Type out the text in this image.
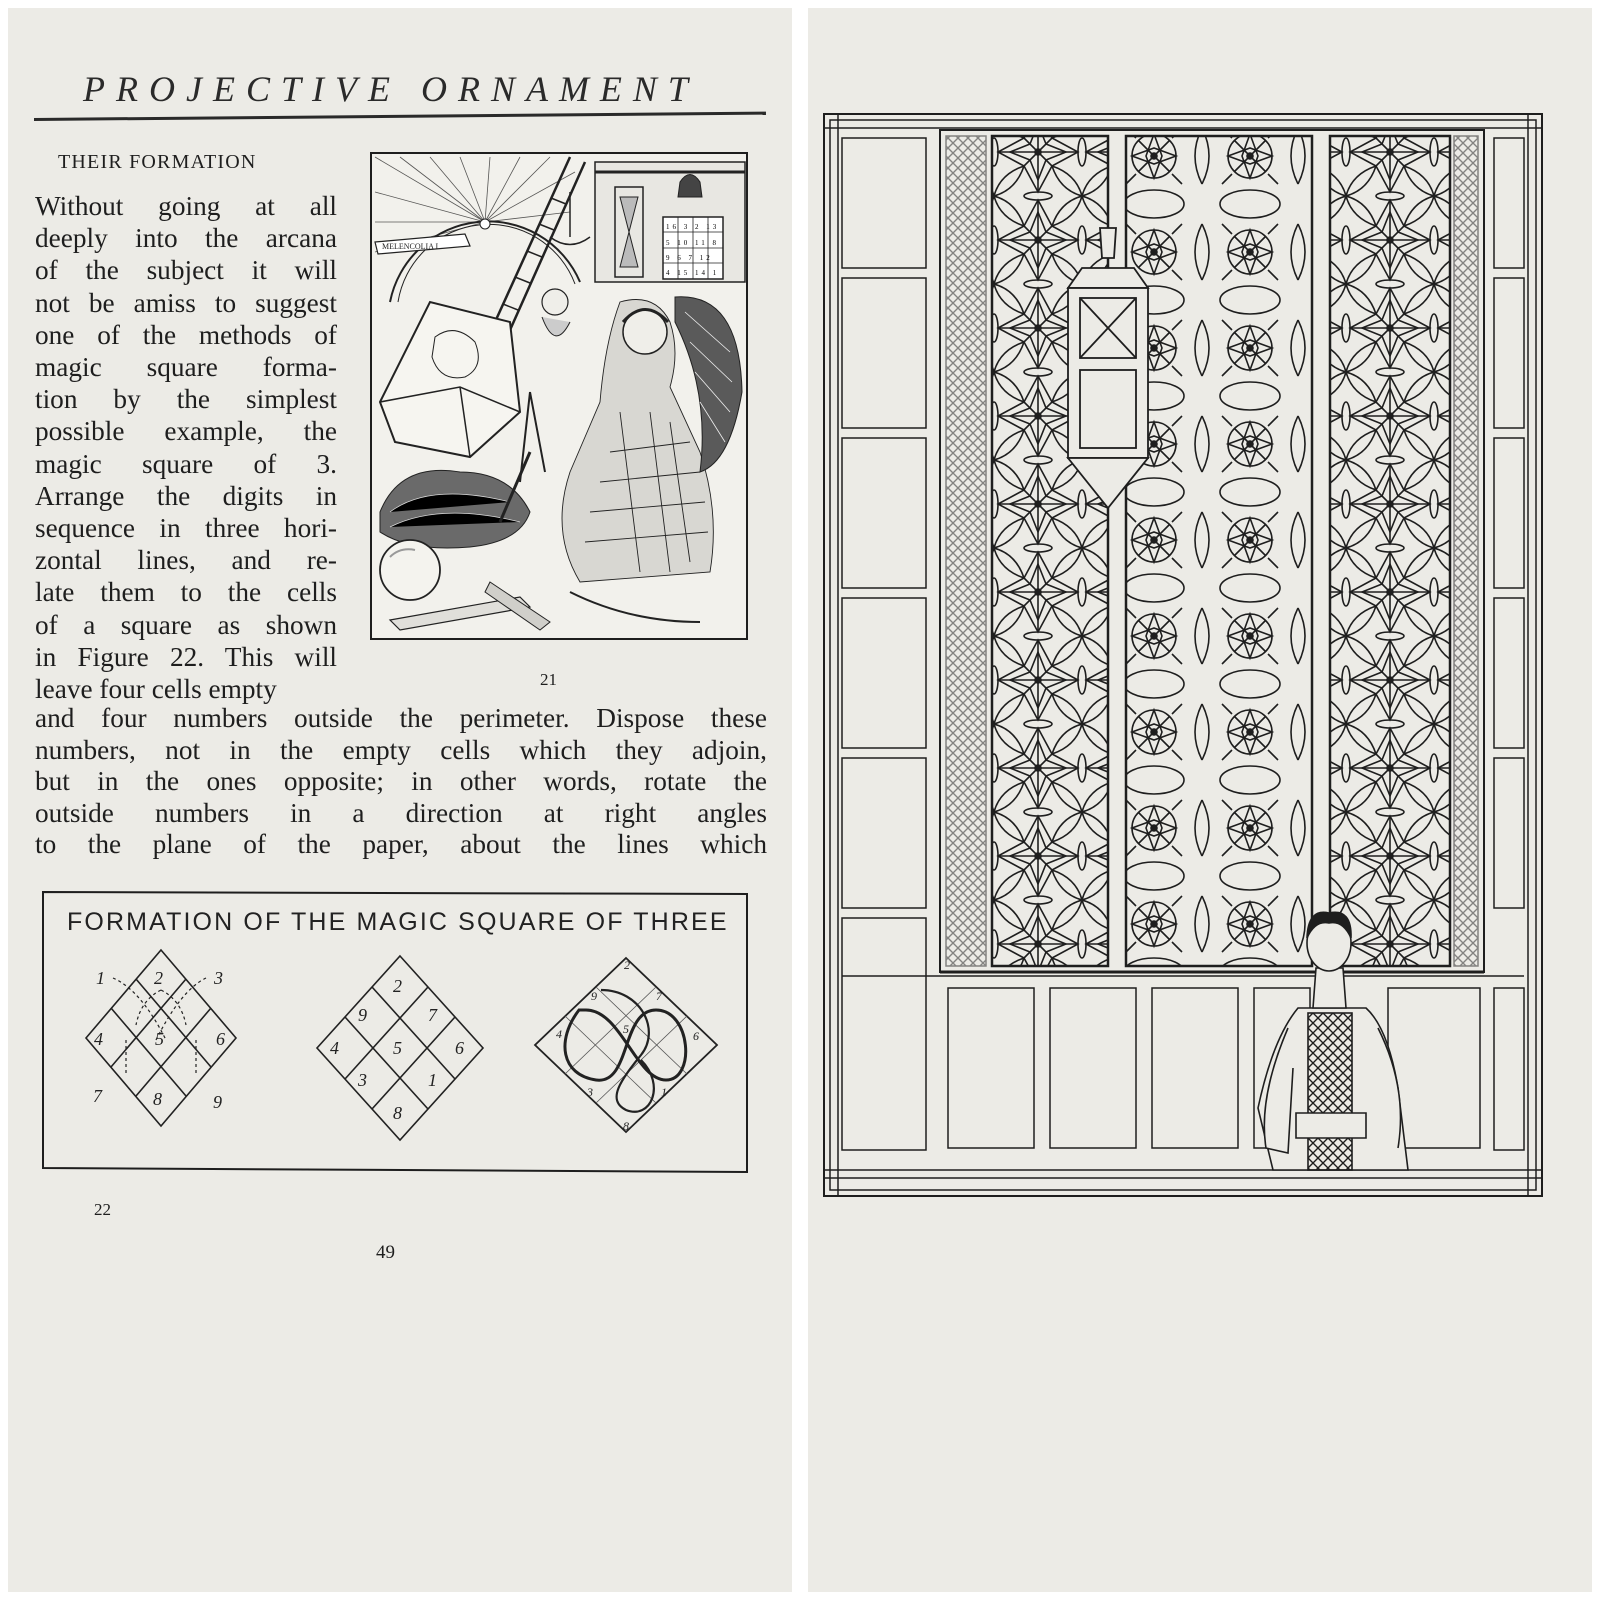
PROJECTIVE ORNAMENT
THEIR FORMATION
Without going at all
deeply into the arcana
of the subject it will
not be amiss to suggest
one of the methods of
magic square forma-
tion by the simplest
possible example, the
magic square of 3.
Arrange the digits in
sequence in three hori-
zontal lines, and re-
late them to the cells
of a square as shown
in Figure 22. This will
leave four cells empty
MELENCOLIA I
16 3 2 13
5 10 11 8
9 6 7 12
4 15 14 1
21
and four numbers outside the perimeter. Dispose these
numbers, not in the empty cells which they adjoin,
but in the ones opposite; in other words, rotate the
outside numbers in a direction at right angles
to the plane of the paper, about the lines which
FORMATION OF THE MAGIC SQUARE OF THREE
1	2	3
4	5	6
7	8	9
2
9	7
4	5	6
3	1
8
2
9	7
4	5	6
3	1
8
22
49
